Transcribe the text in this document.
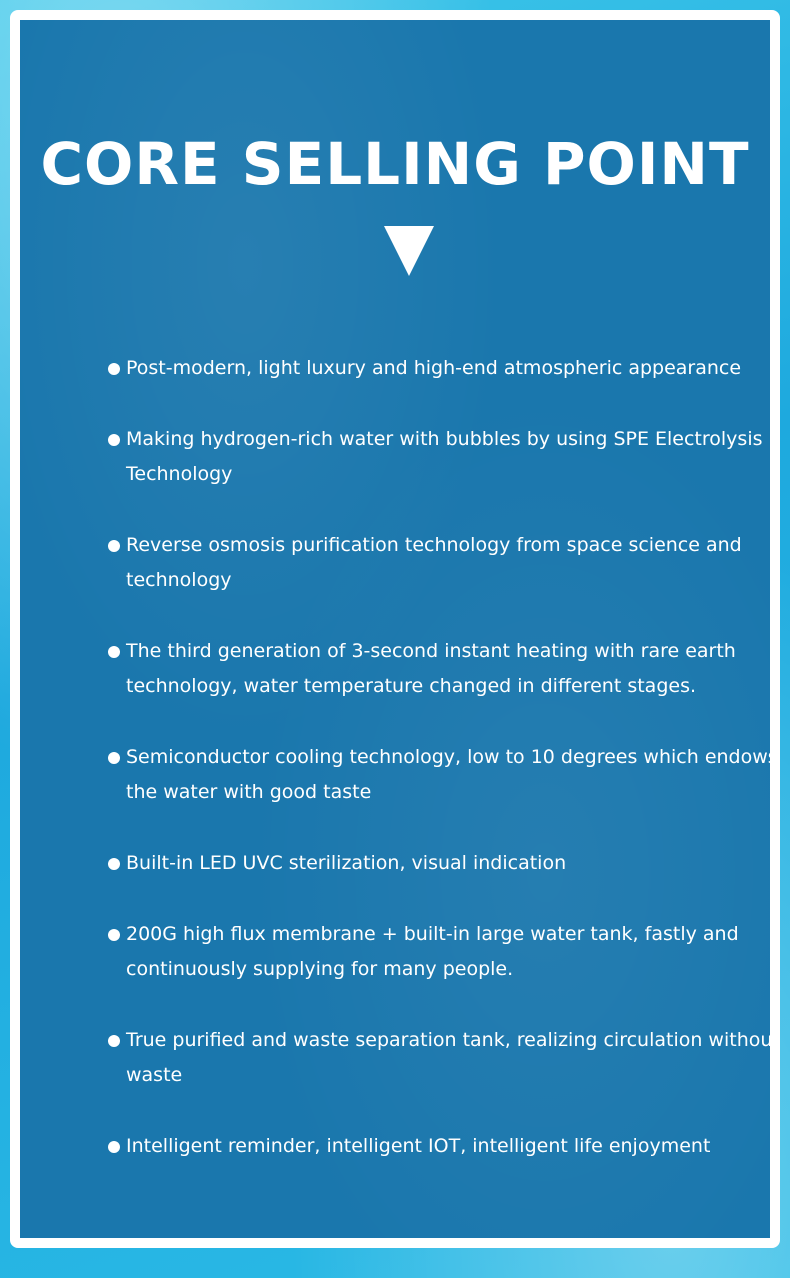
CORE SELLING POINT
Post-modern, light luxury and high-end atmospheric appearance
Making hydrogen-rich water with bubbles by using SPE Electrolysis Technology
Reverse osmosis purification technology from space science and technology
The third generation of 3-second instant heating with rare earth technology, water temperature changed in different stages.
Semiconductor cooling technology, low to 10 degrees which endows the water with good taste
Built-in LED UVC sterilization, visual indication
200G high flux membrane + built-in large water tank, fastly and continuously supplying for many people.
True purified and waste separation tank, realizing circulation without waste
Intelligent reminder, intelligent IOT, intelligent life enjoyment
